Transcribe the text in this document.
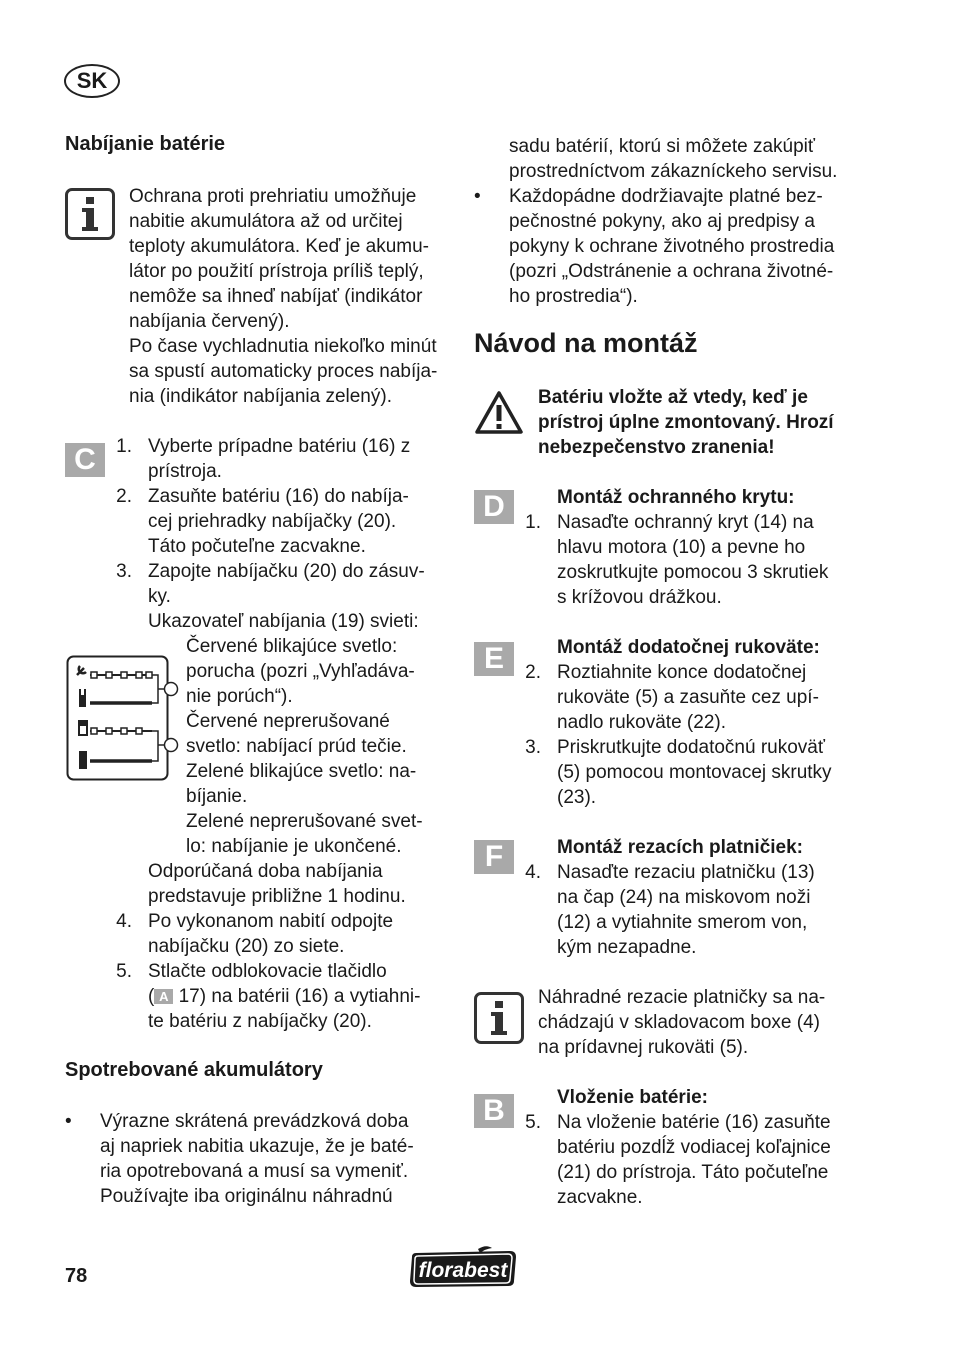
SK
Nabíjanie batérie
Ochrana proti prehriatiu umožňuje
nabitie akumulátora až od určitej
teploty akumulátora. Keď je akumu-
látor po použití prístroja príliš teplý,
nemôže sa ihneď nabíjať (indikátor
nabíjania červený).
Po čase vychladnutia niekoľko minút
sa spustí automaticky proces nabíja-
nia (indikátor nabíjania zelený).
C	1. Vyberte prípadne batériu (16) z
prístroja.
2. Zasuňte batériu (16) do nabíja-
cej priehradky nabíjačky (20).
Táto počuteľne zacvakne.
3. Zapojte nabíjačku (20) do zásuv-
ky.
Ukazovateľ nabíjania (19) svieti:
Červené blikajúce svetlo:
porucha (pozri „Vyhľadáva-
nie porúch“).
Červené neprerušované
svetlo: nabíjací prúd tečie.
Zelené blikajúce svetlo: na-
bíjanie.
Zelené neprerušované svet-
lo: nabíjanie je ukončené.
Odporúčaná doba nabíjania
predstavuje približne 1 hodinu.
4. Po vykonanom nabití odpojte
nabíjačku (20) zo siete.
5. Stlačte odblokovacie tlačidlo
( A 17) na batérii (16) a vytiahni-
te batériu z nabíjačky (20).
Spotrebované akumulátory
• Výrazne skrátená prevádzková doba
aj napriek nabitia ukazuje, že je baté-
ria opotrebovaná a musí sa vymeniť.
Používajte iba originálnu náhradnú
sadu batérií, ktorú si môžete zakúpiť
prostredníctvom zákazníckeho servisu.
• Každopádne dodržiavajte platné bez-
pečnostné pokyny, ako aj predpisy a
pokyny k ochrane životného prostredia
(pozri „Odstránenie a ochrana životné-
ho prostredia“).
Návod na montáž
Batériu vložte až vtedy, keď je
prístroj úplne zmontovaný. Hrozí
nebezpečenstvo zranenia!
D	Montáž ochranného krytu:
1. Nasaďte ochranný kryt (14) na
hlavu motora (10) a pevne ho
zoskrutkujte pomocou 3 skrutiek
s krížovou drážkou.
E	Montáž dodatočnej rukoväte:
2. Roztiahnite konce dodatočnej
rukoväte (5) a zasuňte cez upí-
nadlo rukoväte (22).
3. Priskrutkujte dodatočnú rukoväť
(5) pomocou montovacej skrutky
(23).
F	Montáž rezacích platničiek:
4. Nasaďte rezaciu platničku (13)
na čap (24) na miskovom noži
(12) a vytiahnite smerom von,
kým nezapadne.
Náhradné rezacie platničky sa na-
chádzajú v skladovacom boxe (4)
na prídavnej rukoväti (5).
B	Vloženie batérie:
5. Na vloženie batérie (16) zasuňte
batériu pozdĺž vodiacej koľajnice
(21) do prístroja. Táto počuteľne
zacvakne.
78	florabest
